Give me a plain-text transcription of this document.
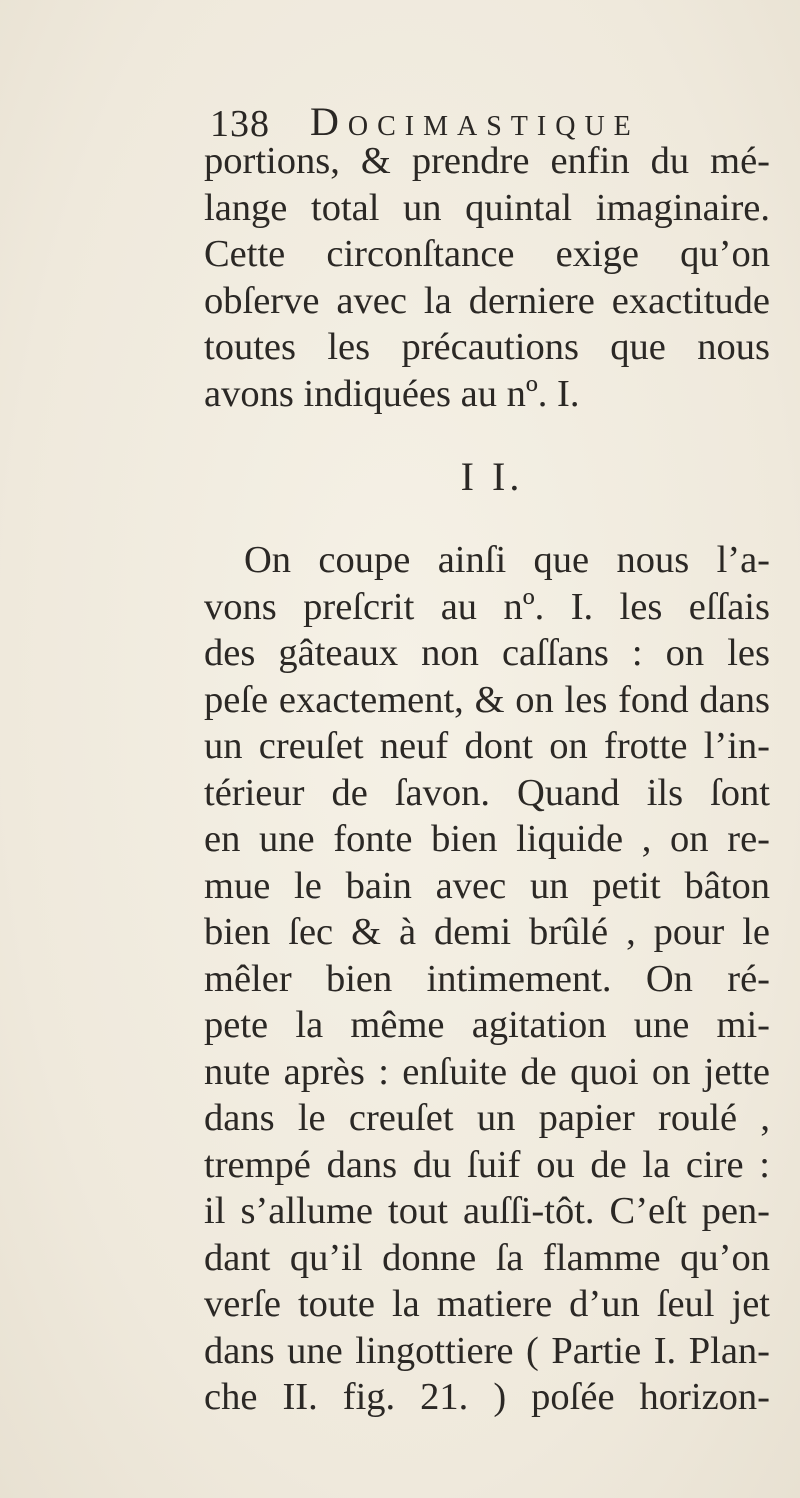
138 Docimastique
portions, & prendre enfin du mé-
lange total un quintal imaginaire.
Cette circonſtance exige qu’on
obſerve avec la derniere exactitude
toutes les précautions que nous
avons indiquées au nº. I.
I I.
On coupe ainſi que nous l’a-
vons preſcrit au nº. I. les eſſais
des gâteaux non caſſans : on les
peſe exactement, & on les fond dans
un creuſet neuf dont on frotte l’in-
térieur de ſavon. Quand ils ſont
en une fonte bien liquide , on re-
mue le bain avec un petit bâton
bien ſec & à demi brûlé , pour le
mêler bien intimement. On ré-
pete la même agitation une mi-
nute après : enſuite de quoi on jette
dans le creuſet un papier roulé ,
trempé dans du ſuif ou de la cire :
il s’allume tout auſſi-tôt. C’eſt pen-
dant qu’il donne ſa flamme qu’on
verſe toute la matiere d’un ſeul jet
dans une lingottiere ( Partie I. Plan-
che II. fig. 21. ) poſée horizon-
